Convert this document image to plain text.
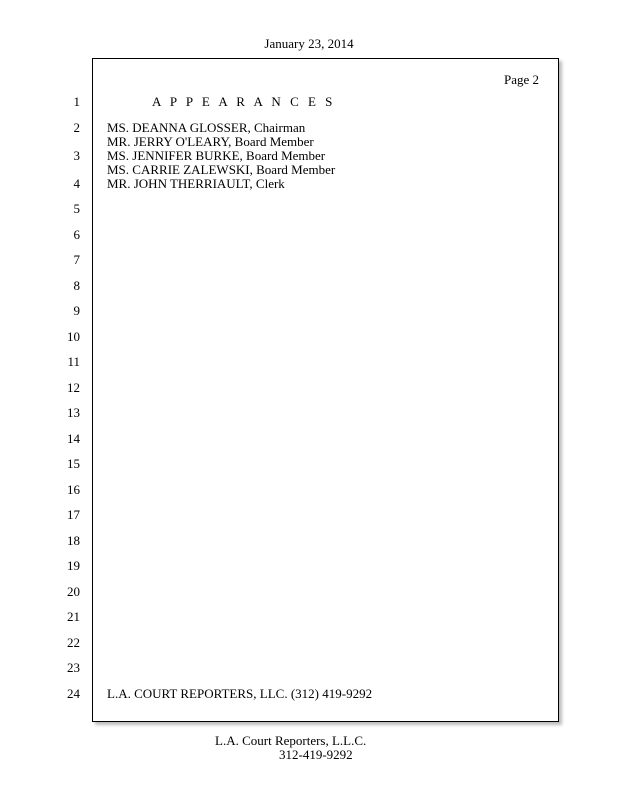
January 23, 2014
Page 2
A P P E A R A N C E S
1
2
3
4
5
6
7
8
9
10
11
12
13
14
15
16
17
18
19
20
21
22
23
24
MS. DEANNA GLOSSER, Chairman
MR. JERRY O'LEARY, Board Member
MS. JENNIFER BURKE, Board Member
MS. CARRIE ZALEWSKI, Board Member
MR. JOHN THERRIAULT, Clerk
L.A. COURT REPORTERS, LLC. (312) 419-9292
L.A. Court Reporters, L.L.C.
312-419-9292
